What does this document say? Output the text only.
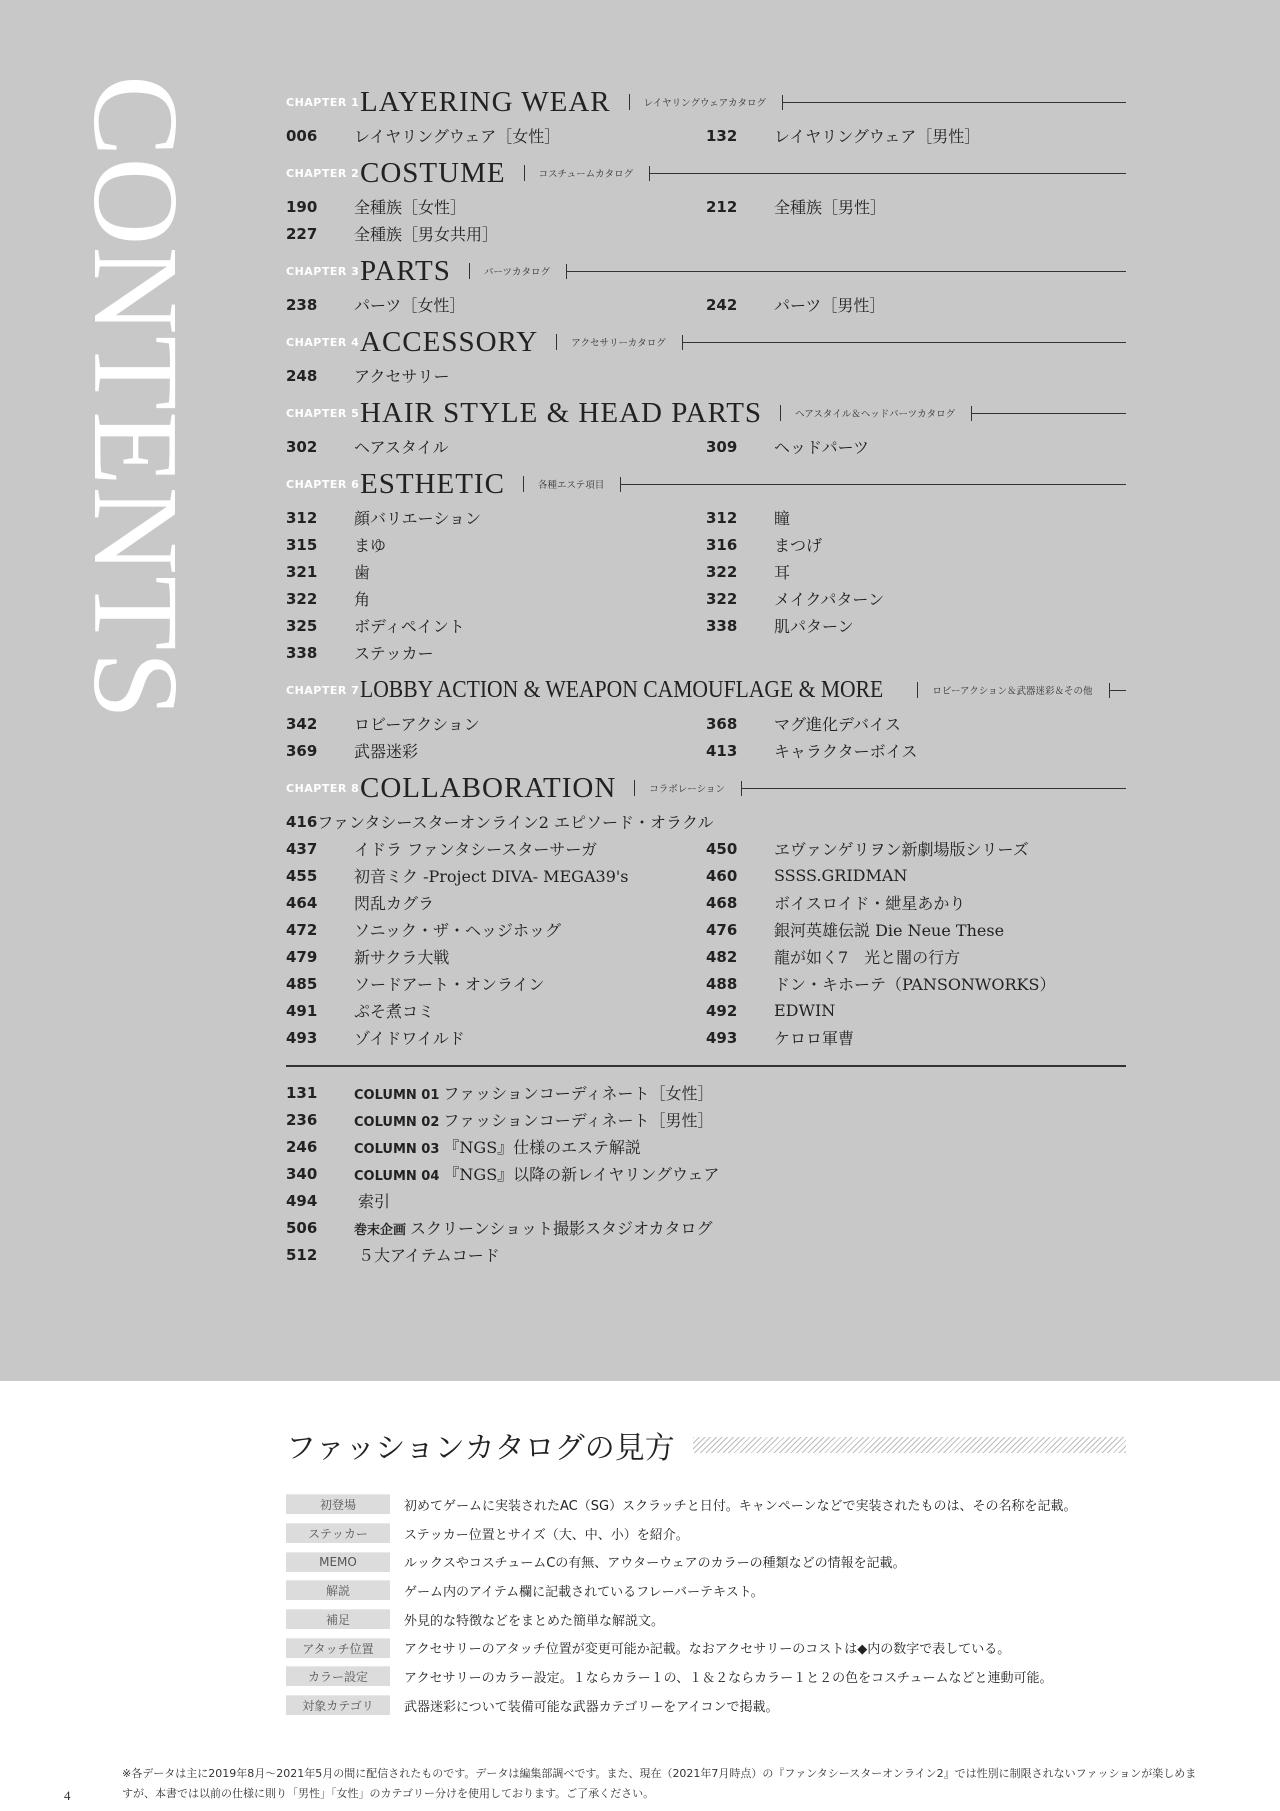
CONTENTS	CHAPTER 1 LAYERING WEAR	レイヤリングウェアカタログ
006	レイヤリングウェア［女性］	132	レイヤリングウェア［男性］
CHAPTER 2 COSTUME	コスチュームカタログ
190	全種族［女性］	212	全種族［男性］
227	全種族［男女共用］
CHAPTER 3 PARTS	パーツカタログ
238	パーツ［女性］	242	パーツ［男性］
CHAPTER 4 ACCESSORY	アクセサリーカタログ
248	アクセサリー
CHAPTER 5 HAIR STYLE & HEAD PARTS	ヘアスタイル＆ヘッドパーツカタログ
302	ヘアスタイル	309	ヘッドパーツ
CHAPTER 6 ESTHETIC	各種エステ項目
312	顔バリエーション	312	瞳
315	まゆ	316	まつげ
321	歯	322	耳
322	角	322	メイクパターン
325	ボディペイント	338	肌パターン
338	ステッカー
CHAPTER 7 LOBBY ACTION & WEAPON CAMOUFLAGE & MORE	ロビーアクション＆武器迷彩＆その他
342	ロビーアクション	368	マグ進化デバイス
369	武器迷彩	413	キャラクターボイス
CHAPTER 8 COLLABORATION	コラボレーション
416 ファンタシースターオンライン2 エピソード・オラクル
437	イドラ ファンタシースターサーガ	450	ヱヴァンゲリヲン新劇場版シリーズ
455	初音ミク -Project DIVA- MEGA39's	460	SSSS.GRIDMAN
464	閃乱カグラ	468	ボイスロイド・紲星あかり
472	ソニック・ザ・ヘッジホッグ	476	銀河英雄伝説 Die Neue These
479	新サクラ大戦	482	龍が如く7　光と闇の行方
485	ソードアート・オンライン	488	ドン・キホーテ（PANSONWORKS）
491	ぷそ煮コミ	492	EDWIN
493	ゾイドワイルド	493	ケロロ軍曹
131	COLUMN 01 ファッションコーディネート［女性］
236	COLUMN 02 ファッションコーディネート［男性］
246	COLUMN 03 『NGS』仕様のエステ解説
340	COLUMN 04 『NGS』以降の新レイヤリングウェア
494	索引
506	巻末企画 スクリーンショット撮影スタジオカタログ
512	５大アイテムコード
ファッションカタログの見方
初登場	初めてゲームに実装されたAC（SG）スクラッチと日付。キャンペーンなどで実装されたものは、その名称を記載。
ステッカー	ステッカー位置とサイズ（大、中、小）を紹介。
MEMO	ルックスやコスチュームCの有無、アウターウェアのカラーの種類などの情報を記載。
解説	ゲーム内のアイテム欄に記載されているフレーバーテキスト。
補足	外見的な特徴などをまとめた簡単な解説文。
アタッチ位置	アクセサリーのアタッチ位置が変更可能か記載。なおアクセサリーのコストは◆内の数字で表している。
カラー設定	アクセサリーのカラー設定。１ならカラー１の、１＆２ならカラー１と２の色をコスチュームなどと連動可能。
対象カテゴリ	武器迷彩について装備可能な武器カテゴリーをアイコンで掲載。
※各データは主に2019年8月～2021年5月の間に配信されたものです。データは編集部調べです。また、現在（2021年7月時点）の『ファンタシースターオンライン2』では性別に制限されないファッションが楽しめますが、本書では以前の仕様に則り「男性」「女性」のカテゴリー分けを使用しております。ご了承ください。
4
